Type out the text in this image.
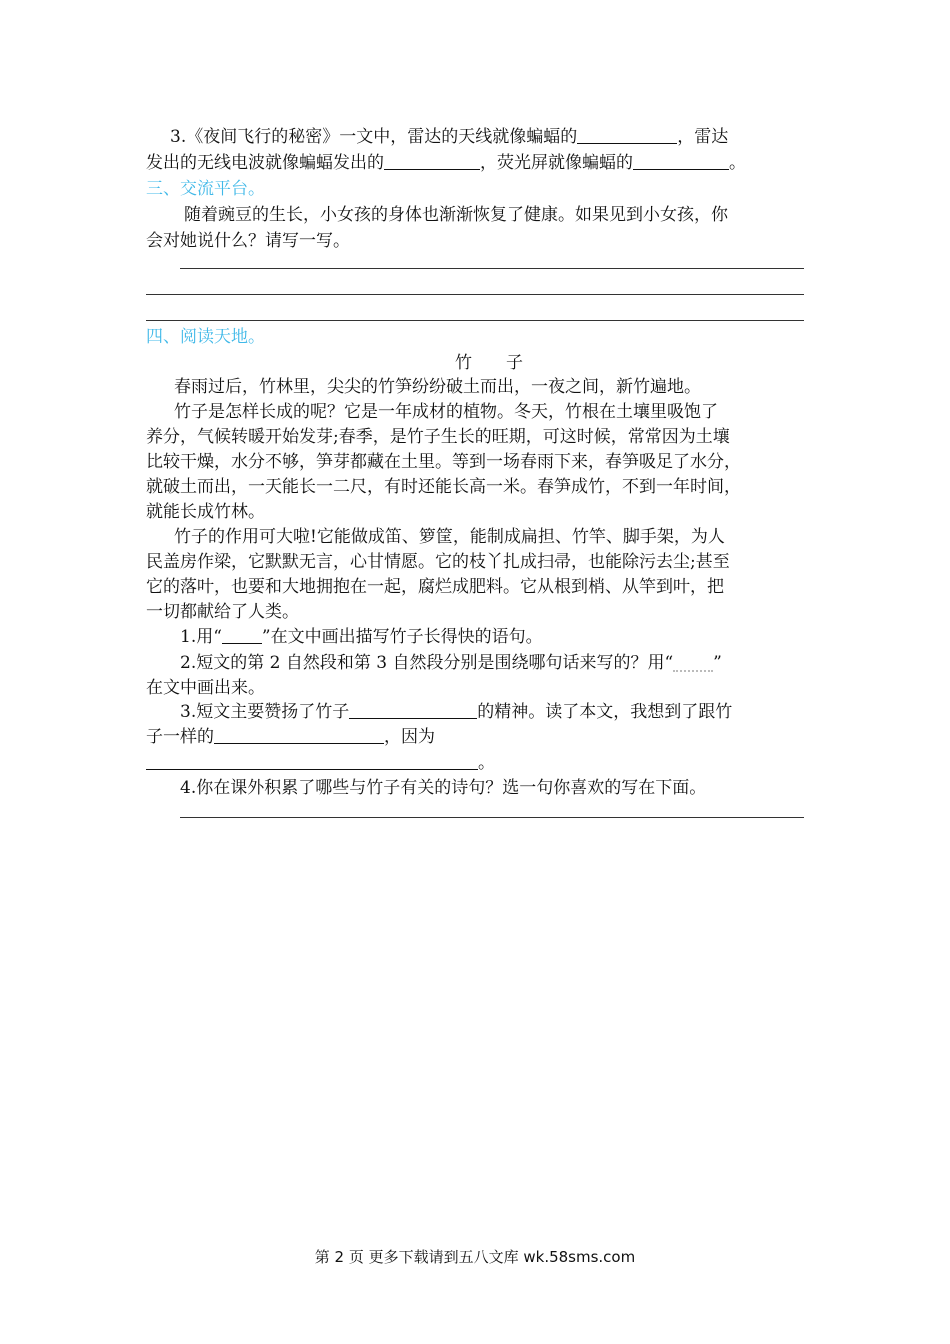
3.《夜间飞行的秘密》一文中，雷达的天线就像蝙蝠的	，雷达
发出的无线电波就像蝙蝠发出的	，荧光屏就像蝙蝠的	。
三、交流平台。
随着豌豆的生长，小女孩的身体也渐渐恢复了健康。如果见到小女孩，你
会对她说什么？请写一写。
四、阅读天地。
竹　　子
春雨过后，竹林里，尖尖的竹笋纷纷破土而出，一夜之间，新竹遍地。
竹子是怎样长成的呢？它是一年成材的植物。冬天，竹根在土壤里吸饱了
养分，气候转暖开始发芽;春季，是竹子生长的旺期，可这时候，常常因为土壤
比较干燥，水分不够，笋芽都藏在土里。等到一场春雨下来，春笋吸足了水分，
就破土而出，一天能长一二尺，有时还能长高一米。春笋成竹，不到一年时间，
就能长成竹林。
竹子的作用可大啦!它能做成笛、箩筐，能制成扁担、竹竿、脚手架，为人
民盖房作梁，它默默无言，心甘情愿。它的枝丫扎成扫帚，也能除污去尘;甚至
它的落叶，也要和大地拥抱在一起，腐烂成肥料。它从根到梢、从竿到叶，把
一切都献给了人类。
1.用“ ”在文中画出描写竹子长得快的语句。
2.短文的第 2 自然段和第 3 自然段分别是围绕哪句话来写的？用“ ”
在文中画出来。
3.短文主要赞扬了竹子	的精神。读了本文，我想到了跟竹
子一样的	，因为
。
4.你在课外积累了哪些与竹子有关的诗句？选一句你喜欢的写在下面。
第 2 页 更多下载请到五八文库 wk.58sms.com
